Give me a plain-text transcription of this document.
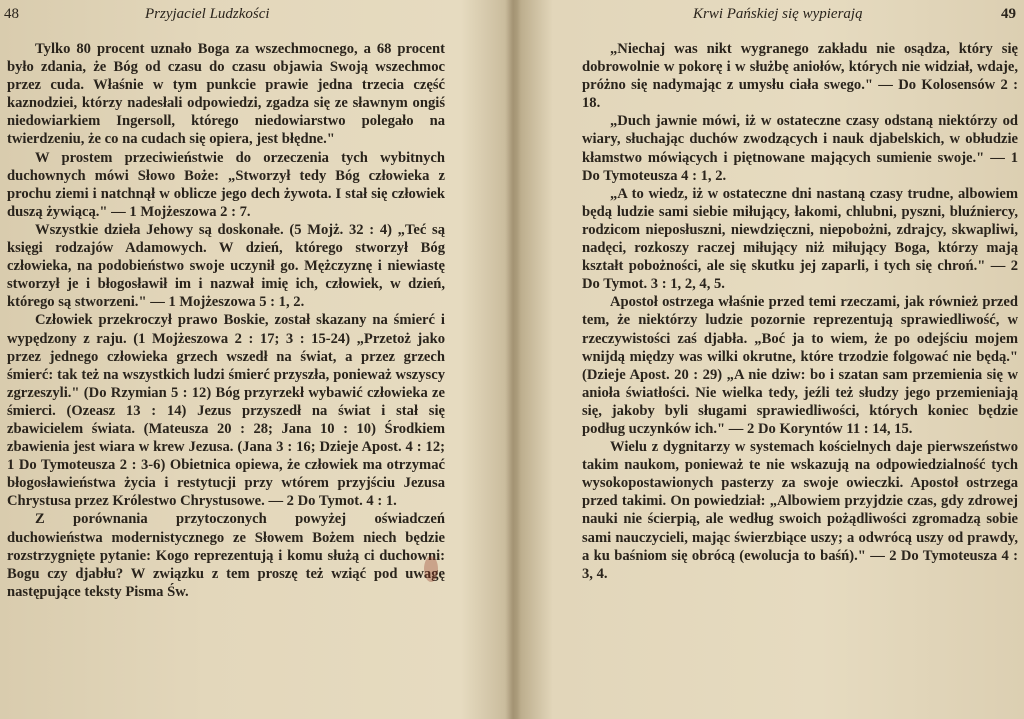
48	Przyjaciel Ludzkości

Tylko 80 procent uznało Boga za wszechmocnego, a 68 procent było zdania, że Bóg od czasu do czasu objawia Swoją wszechmoc przez cuda. Właśnie w tym punkcie prawie jedna trzecia część kaznodziei, którzy nadesłali odpowiedzi, zgadza się ze sławnym ongiś niedowiarkiem Ingersoll, którego niedowiarstwo polegało na twierdzeniu, że co na cudach się opiera, jest błędne."

W prostem przeciwieństwie do orzeczenia tych wybitnych duchownych mówi Słowo Boże: „Stworzył tedy Bóg człowieka z prochu ziemi i natchnął w oblicze jego dech żywota. I stał się człowiek duszą żywiącą." — 1 Mojżeszowa 2 : 7.

Wszystkie dzieła Jehowy są doskonałe. (5 Mojż. 32 : 4) „Teć są księgi rodzajów Adamowych. W dzień, którego stworzył Bóg człowieka, na podobieństwo swoje uczynił go. Mężczyznę i niewiastę stworzył je i błogosławił im i nazwał imię ich, człowiek, w dzień, którego są stworzeni." — 1 Mojżeszowa 5 : 1, 2.

Człowiek przekroczył prawo Boskie, został skazany na śmierć i wypędzony z raju. (1 Mojżeszowa 2 : 17; 3 : 15-24) „Przetoż jako przez jednego człowieka grzech wszedł na świat, a przez grzech śmierć: tak też na wszystkich ludzi śmierć przyszła, ponieważ wszyscy zgrzeszyli." (Do Rzymian 5 : 12) Bóg przyrzekł wybawić człowieka ze śmierci. (Ozeasz 13 : 14) Jezus przyszedł na świat i stał się zbawicielem świata. (Mateusza 20 : 28; Jana 10 : 10) Środkiem zbawienia jest wiara w krew Jezusa. (Jana 3 : 16; Dzieje Apost. 4 : 12; 1 Do Tymoteusza 2 : 3-6) Obietnica opiewa, że człowiek ma otrzymać błogosławieństwa życia i restytucji przy wtórem przyjściu Jezusa Chrystusa przez Królestwo Chrystusowe. — 2 Do Tymot. 4 : 1.

Z porównania przytoczonych powyżej oświadczeń duchowieństwa modernistycznego ze Słowem Bożem niech będzie rozstrzygnięte pytanie: Kogo reprezentują i komu służą ci duchowni: Bogu czy djabłu? W związku z tem proszę też wziąć pod uwagę następujące teksty Pisma Św.

Krwi Pańskiej się wypierają	49

„Niechaj was nikt wygranego zakładu nie osądza, który się dobrowolnie w pokorę i w służbę aniołów, których nie widział, wdaje, próżno się nadymając z umysłu ciała swego." — Do Kolosensów 2 : 18.

„Duch jawnie mówi, iż w ostateczne czasy odstaną niektórzy od wiary, słuchając duchów zwodzących i nauk djabelskich, w obłudzie kłamstwo mówiących i piętnowane mających sumienie swoje." — 1 Do Tymoteusza 4 : 1, 2.

„A to wiedz, iż w ostateczne dni nastaną czasy trudne, albowiem będą ludzie sami siebie miłujący, łakomi, chlubni, pyszni, bluźniercy, rodzicom nieposłuszni, niewdzięczni, niepobożni, zdrajcy, skwapliwi, nadęci, rozkoszy raczej miłujący niż miłujący Boga, którzy mają kształt pobożności, ale się skutku jej zaparli, i tych się chroń." — 2 Do Tymot. 3 : 1, 2, 4, 5.

Apostoł ostrzega właśnie przed temi rzeczami, jak również przed tem, że niektórzy ludzie pozornie reprezentują sprawiedliwość, w rzeczywistości zaś djabła. „Boć ja to wiem, że po odejściu mojem wnijdą między was wilki okrutne, które trzodzie folgować nie będą." (Dzieje Apost. 20 : 29) „A nie dziw: bo i szatan sam przemienia się w anioła światłości. Nie wielka tedy, jeźli też słudzy jego przemieniają się, jakoby byli sługami sprawiedliwości, których koniec będzie podług uczynków ich." — 2 Do Koryntów 11 : 14, 15.

Wielu z dygnitarzy w systemach kościelnych daje pierwszeństwo takim naukom, ponieważ te nie wskazują na odpowiedzialność tych wysokopostawionych pasterzy za swoje owieczki. Apostoł ostrzega przed takimi. On powiedział: „Albowiem przyjdzie czas, gdy zdrowej nauki nie ścierpią, ale według swoich pożądliwości zgromadzą sobie sami nauczycieli, mając świerzbiące uszy; a odwrócą uszy od prawdy, a ku baśniom się obrócą (ewolucja to baśń)." — 2 Do Tymoteusza 4 : 3, 4.
